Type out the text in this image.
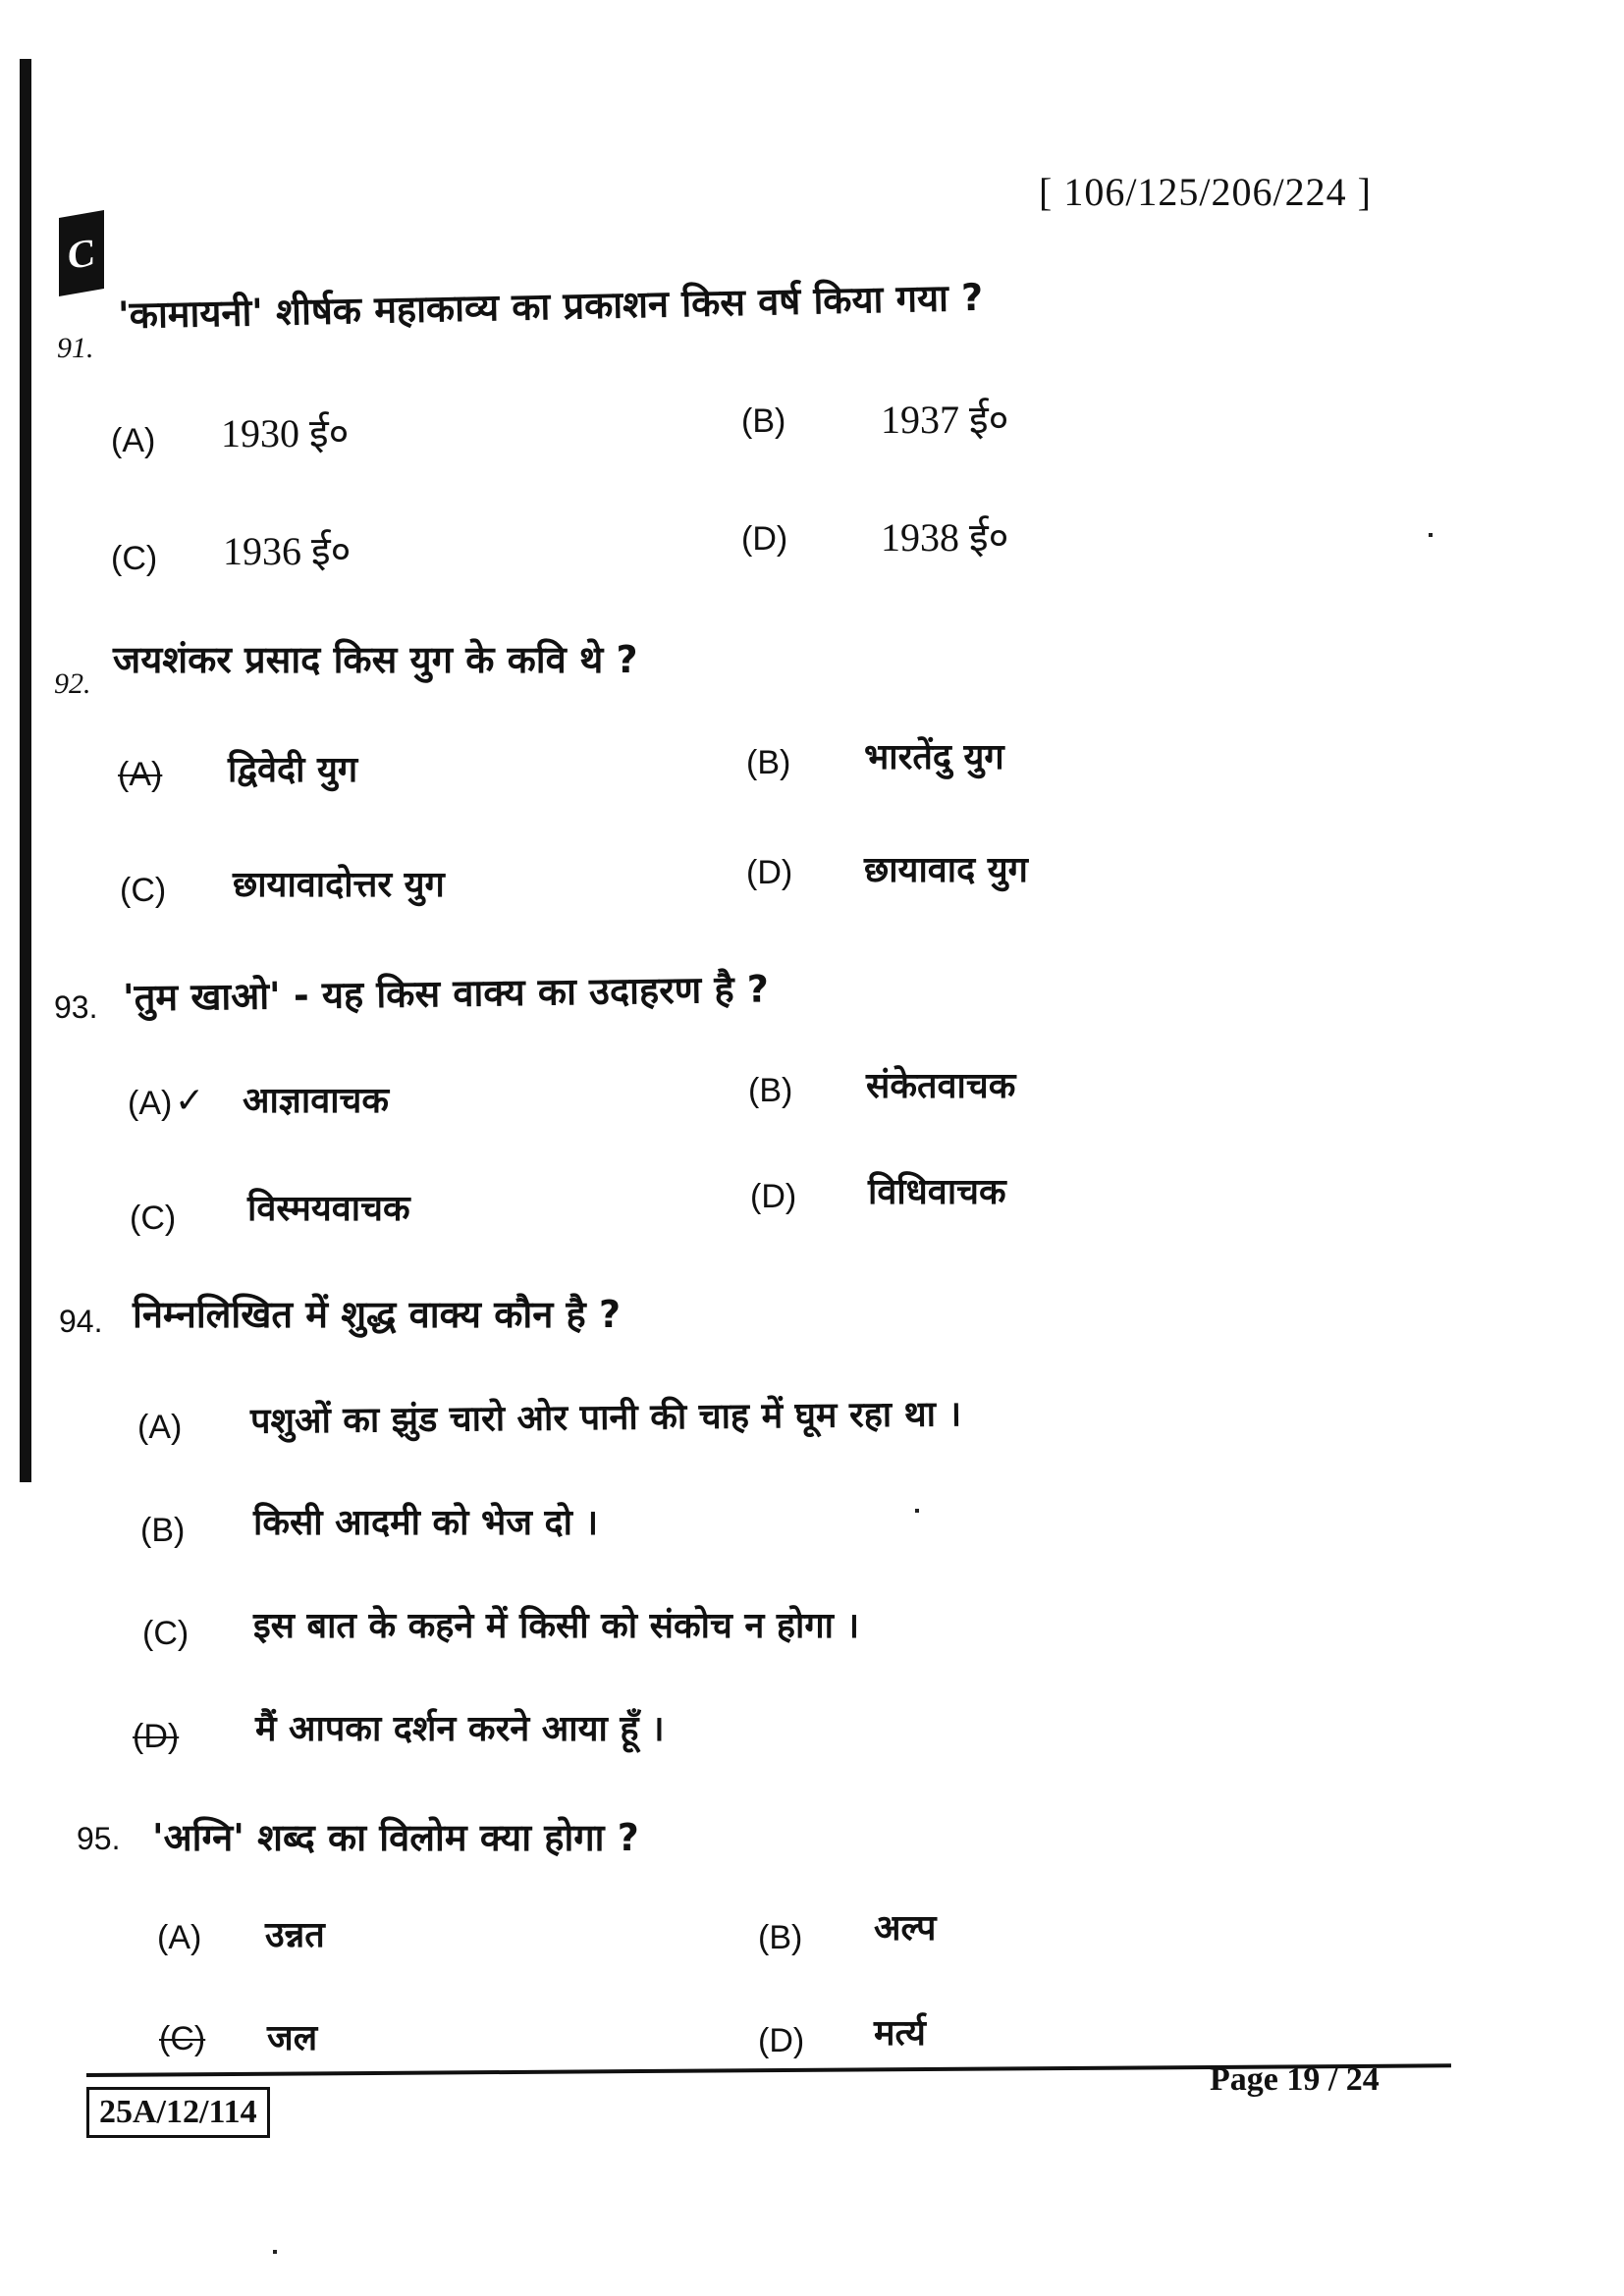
C
[ 106/125/206/224 ]
91.
'कामायनी' शीर्षक महाकाव्य का प्रकाशन किस वर्ष किया गया ?
(A) 1930 ई०	(B) 1937 ई०
(C) 1936 ई०	(D) 1938 ई०
92.
जयशंकर प्रसाद किस युग के कवि थे ?
(A) द्विवेदी युग	(B) भारतेंदु युग
(C) छायावादोत्तर युग	(D) छायावाद युग
93. 'तुम खाओ' - यह किस वाक्य का उदाहरण है ?
(A) ✓ आज्ञावाचक	(B) संकेतवाचक
(C) विस्मयवाचक	(D) विधिवाचक
94. निम्नलिखित में शुद्ध वाक्य कौन है ?
(A) पशुओं का झुंड चारो ओर पानी की चाह में घूम रहा था ।
(B) किसी आदमी को भेज दो ।
(C) इस बात के कहने में किसी को संकोच न होगा ।
(D) मैं आपका दर्शन करने आया हूँ ।
95. 'अग्नि' शब्द का विलोम क्या होगा ?
(A) उन्नत	(B) अल्प
(C) जल	(D) मर्त्य
25A/12/114
Page 19 / 24
